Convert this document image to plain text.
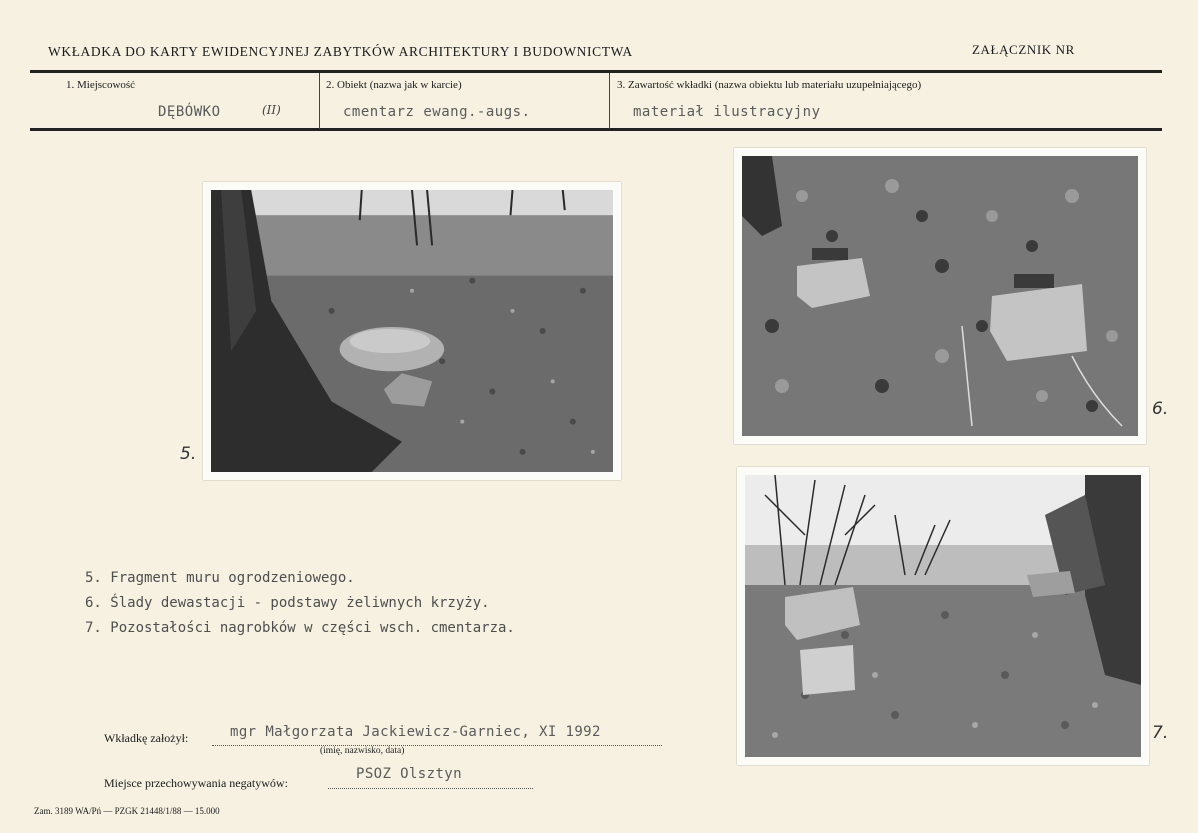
WKŁADKA DO KARTY EWIDENCYJNEJ ZABYTKÓW ARCHITEKTURY I BUDOWNICTWA	ZAŁĄCZNIK NR
1. Miejscowość
DĘBÓWKO	(II)
2. Obiekt (nazwa jak w karcie)
cmentarz ewang.-augs.
3. Zawartość wkładki (nazwa obiektu lub materiału uzupełniającego)
materiał ilustracyjny
5.
6.
7.
5. Fragment muru ogrodzeniowego.
6. Ślady dewastacji - podstawy żeliwnych krzyży.
7. Pozostałości nagrobków w części wsch. cmentarza.
Wkładkę założył:	mgr Małgorzata Jackiewicz-Garniec, XI 1992
(imię, nazwisko, data)
Miejsce przechowywania negatywów:
PSOZ Olsztyn
Zam. 3189 WA/Pń — PZGK 21448/1/88 — 15.000
